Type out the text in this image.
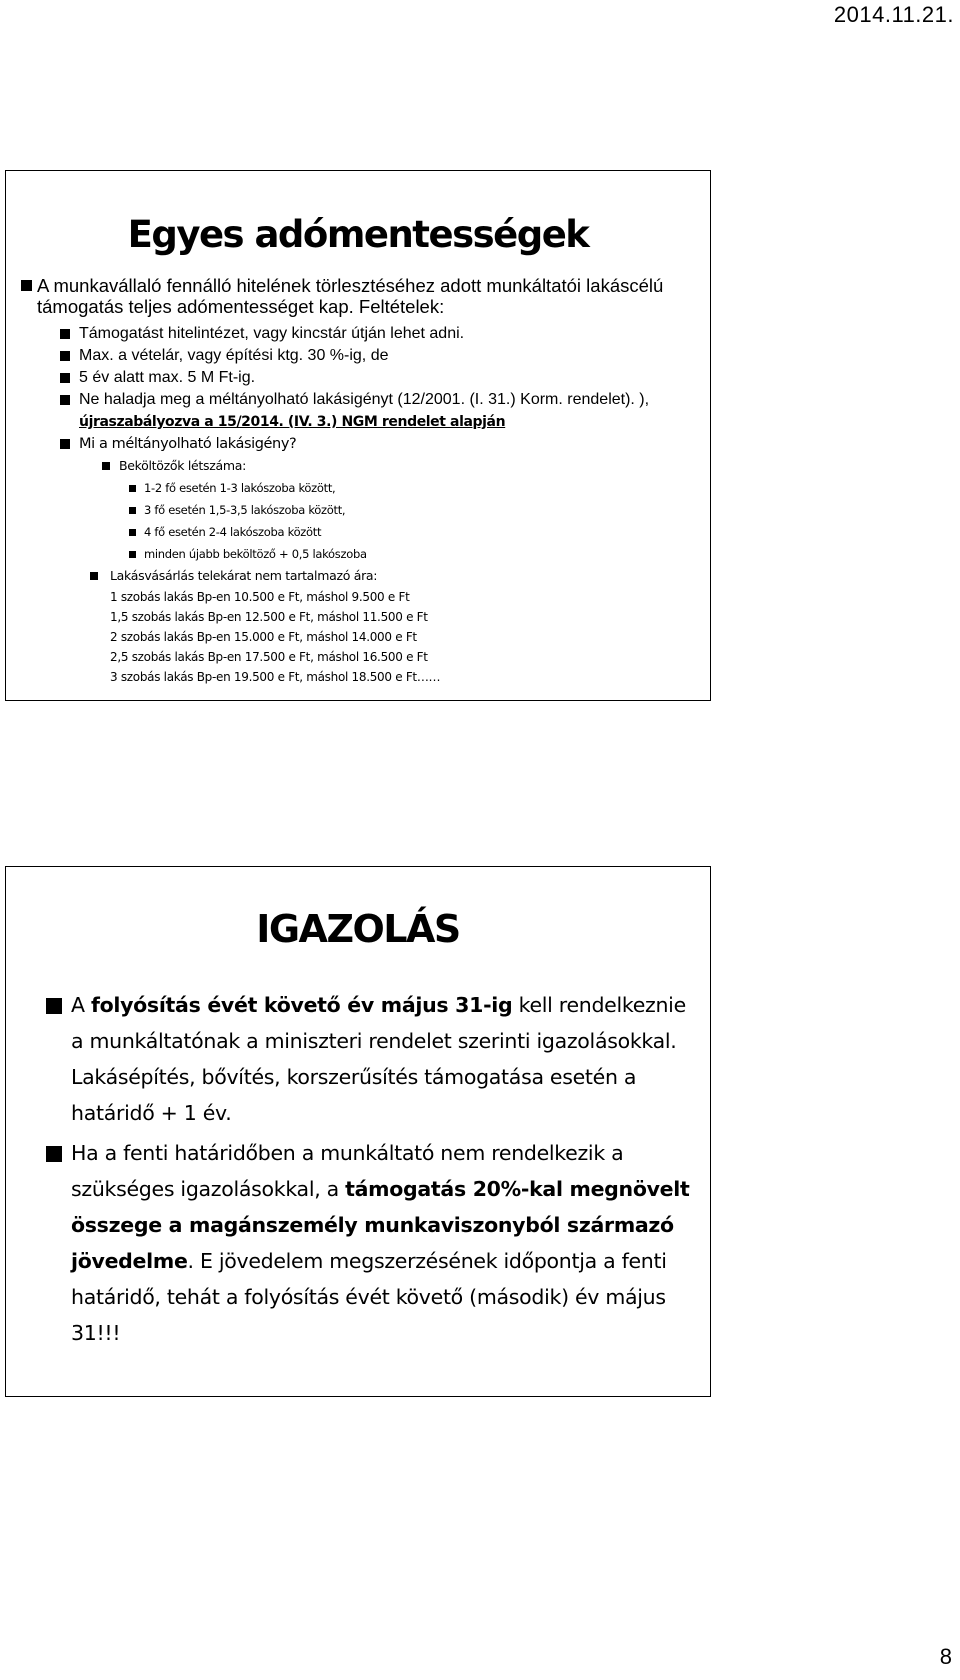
2014.11.21.
Egyes adómentességek
A munkavállaló fennálló hitelének törlesztéséhez adott munkáltatói lakáscélú támogatás teljes adómentességet kap. Feltételek:
Támogatást hitelintézet, vagy kincstár útján lehet adni.
Max. a vételár, vagy építési ktg. 30 %-ig, de
5 év alatt max. 5 M Ft-ig.
Ne haladja meg a méltányolható lakásigényt (12/2001. (I. 31.) Korm. rendelet). ), újraszabályozva a 15/2014. (IV. 3.) NGM rendelet alapján
Mi a méltányolható lakásigény?
Beköltözők létszáma:
1-2 fő esetén 1-3 lakószoba között,
3 fő esetén 1,5-3,5 lakószoba között,
4 fő esetén 2-4 lakószoba között
minden újabb beköltöző + 0,5 lakószoba
Lakásvásárlás telekárat nem tartalmazó ára:
1 szobás lakás Bp-en 10.500 e Ft, máshol 9.500 e Ft
1,5 szobás lakás Bp-en 12.500 e Ft, máshol 11.500 e Ft
2 szobás lakás Bp-en 15.000 e Ft, máshol 14.000 e Ft
2,5 szobás lakás Bp-en 17.500 e Ft, máshol 16.500 e Ft
3 szobás lakás Bp-en 19.500 e Ft, máshol 18.500 e Ft……
IGAZOLÁS
A folyósítás évét követő év május 31-ig kell rendelkeznie a munkáltatónak a miniszteri rendelet szerinti igazolásokkal. Lakásépítés, bővítés, korszerűsítés támogatása esetén a határidő + 1 év.
Ha a fenti határidőben a munkáltató nem rendelkezik a szükséges igazolásokkal, a támogatás 20%-kal megnövelt összege a magánszemély munkaviszonyból származó jövedelme. E jövedelem megszerzésének időpontja a fenti határidő, tehát a folyósítás évét követő (második) év május 31!!!
8
